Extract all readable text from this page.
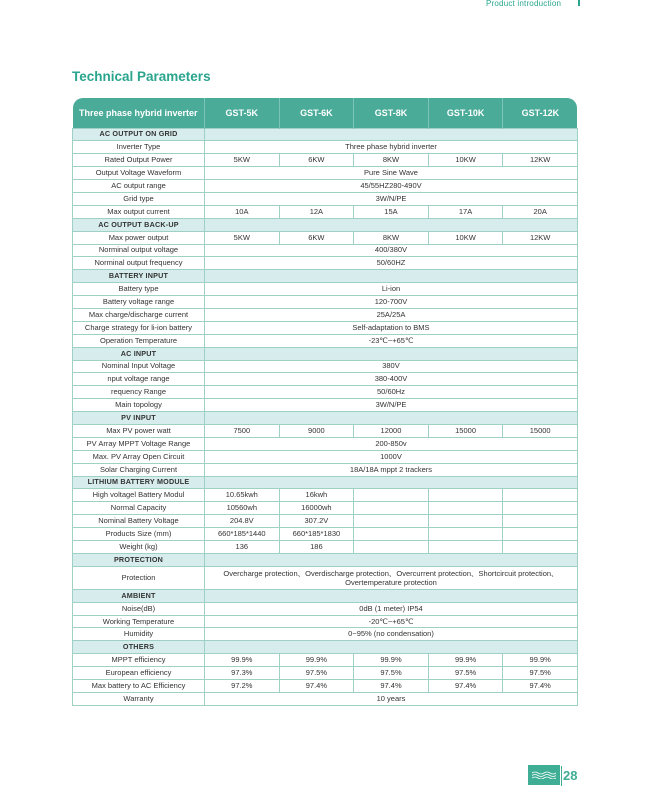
Product introduction
Technical Parameters
Three phase hybrid inverter	GST-5K	GST-6K	GST-8K	GST-10K	GST-12K
AC OUTPUT ON GRID					
Inverter Type	Three phase hybrid inverter				
Rated Output Power	5KW	6KW	8KW	10KW	12KW
Output Voltage Waveform	Pure Sine Wave				
AC output range	45/55HZ280-490V				
Grid type	3W/N/PE				
Max output current	10A	12A	15A	17A	20A
AC OUTPUT BACK-UP					
Max power output	5KW	6KW	8KW	10KW	12KW
Norminal output voltage	400/380V				
Norminal output frequency	50/60HZ				
BATTERY INPUT					
Battery type	Li-ion				
Battery voltage range	120-700V				
Max charge/discharge current	25A/25A				
Charge strategy for li-ion battery	Self-adaptation to BMS				
Operation Temperature	-23℃~+65℃				
AC INPUT					
Nominal Input Voltage	380V				
nput voltage range	380-400V				
requency Range	50/60Hz				
Main topology	3W/N/PE				
PV INPUT					
Max PV power watt	7500	9000	12000	15000	15000
PV Array MPPT Voltage Range	200-850v				
Max. PV Array Open Circuit	1000V				
Solar Charging Current	18A/18A mppt 2 trackers				
LITHIUM BATTERY MODULE					
High voltagel Battery Modul	10.65kwh	16kwh			
Normal Capacity	10560wh	16000wh			
Nominal Battery Voltage	204.8V	307.2V			
Products Size (mm)	660*185*1440	660*185*1830			
Weight (kg)	136	186			
PROTECTION					
Protection	Overcharge protection、Overdischarge protection、Overcurrent protection、Shortcircuit protection、Overtemperature protection				
AMBIENT					
Noise(dB)	0dB (1 meter) IP54				
Working Temperature	-20℃~+65℃				
Humidity	0~95% (no condensation)				
OTHERS					
MPPT efficiency	99.9%	99.9%	99.9%	99.9%	99.9%
European efficiency	97.3%	97.5%	97.5%	97.5%	97.5%
Max battery to AC Efficiency	97.2%	97.4%	97.4%	97.4%	97.4%
Warranty	10 years				
28
